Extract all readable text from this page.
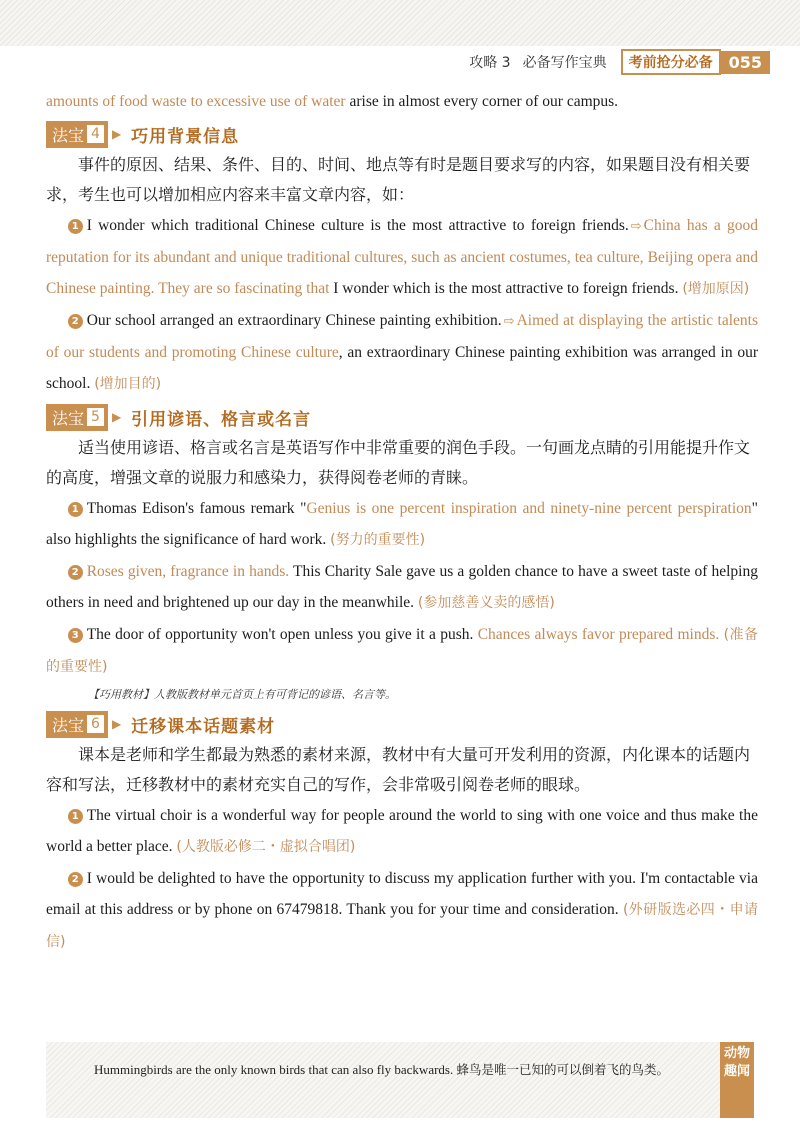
攻略 3 必备写作宝典	考前抢分必备	055

amounts of food waste to excessive use of water arise in almost every corner of our campus.

法宝 4	▶ 巧用背景信息

事件的原因、结果、条件、目的、时间、地点等有时是题目要求写的内容，如果题目没有相关要求，考生也可以增加相应内容来丰富文章内容，如：

1 I wonder which traditional Chinese culture is the most attractive to foreign friends. ⇨ China has a good reputation for its abundant and unique traditional cultures, such as ancient costumes, tea culture, Beijing opera and Chinese painting. They are so fascinating that I wonder which is the most attractive to foreign friends. (增加原因)

2 Our school arranged an extraordinary Chinese painting exhibition. ⇨ Aimed at displaying the artistic talents of our students and promoting Chinese culture, an extraordinary Chinese painting exhibition was arranged in our school. (增加目的)

法宝 5	▶ 引用谚语、格言或名言

适当使用谚语、格言或名言是英语写作中非常重要的润色手段。一句画龙点睛的引用能提升作文的高度，增强文章的说服力和感染力，获得阅卷老师的青睐。

1 Thomas Edison's famous remark "Genius is one percent inspiration and ninety-nine percent perspiration" also highlights the significance of hard work. (努力的重要性)

2 Roses given, fragrance in hands. This Charity Sale gave us a golden chance to have a sweet taste of helping others in need and brightened up our day in the meanwhile. (参加慈善义卖的感悟)

3 The door of opportunity won't open unless you give it a push. Chances always favor prepared minds. (准备的重要性)

【巧用教材】人教版教材单元首页上有可背记的谚语、名言等。

法宝 6	▶ 迁移课本话题素材

课本是老师和学生都最为熟悉的素材来源，教材中有大量可开发利用的资源，内化课本的话题内容和写法，迁移教材中的素材充实自己的写作，会非常吸引阅卷老师的眼球。

1 The virtual choir is a wonderful way for people around the world to sing with one voice and thus make the world a better place. (人教版必修二・虚拟合唱团)

2 I would be delighted to have the opportunity to discuss my application further with you. I'm contactable via email at this address or by phone on 67479818. Thank you for your time and consideration. (外研版选必四・申请信)

Hummingbirds are the only known birds that can also fly backwards. 蜂鸟是唯一已知的可以倒着飞的鸟类。
动物趣闻
